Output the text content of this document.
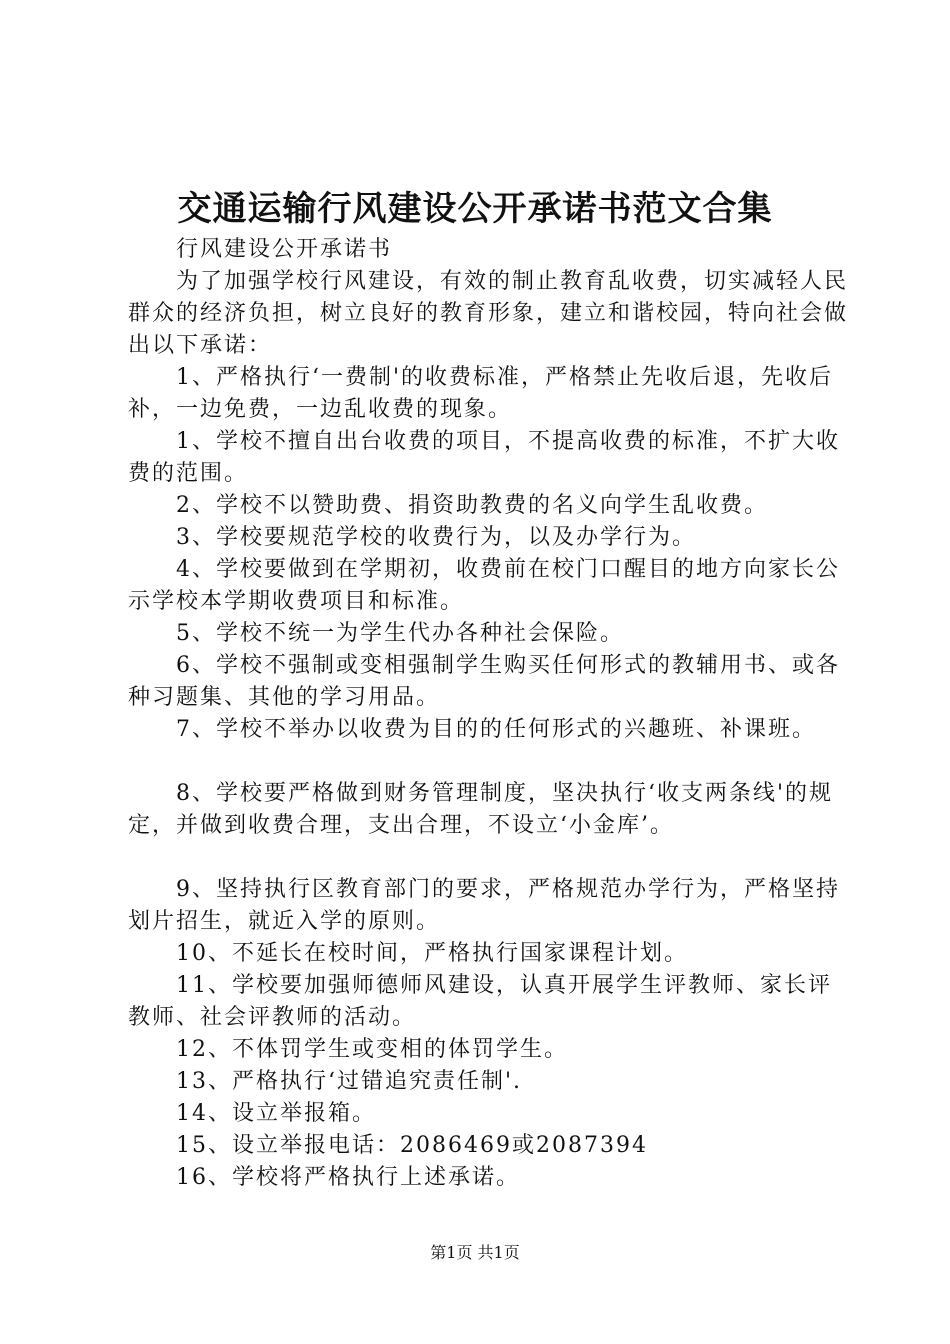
交通运输行风建设公开承诺书范文合集

　　行风建设公开承诺书

　　为了加强学校行风建设，有效的制止教育乱收费，切实减轻人民群众的经济负担，树立良好的教育形象，建立和谐校园，特向社会做出以下承诺：

　　1、严格执行‘一费制'的收费标准，严格禁止先收后退，先收后补，一边免费，一边乱收费的现象。

　　1、学校不擅自出台收费的项目，不提高收费的标准，不扩大收费的范围。

　　2、学校不以赞助费、捐资助教费的名义向学生乱收费。

　　3、学校要规范学校的收费行为，以及办学行为。

　　4、学校要做到在学期初，收费前在校门口醒目的地方向家长公示学校本学期收费项目和标准。

　　5、学校不统一为学生代办各种社会保险。

　　6、学校不强制或变相强制学生购买任何形式的教辅用书、或各种习题集、其他的学习用品。

　　7、学校不举办以收费为目的的任何形式的兴趣班、补课班。

　　8、学校要严格做到财务管理制度，坚决执行‘收支两条线'的规定，并做到收费合理，支出合理，不设立‘小金库’。

　　9、坚持执行区教育部门的要求，严格规范办学行为，严格坚持划片招生，就近入学的原则。

　　10、不延长在校时间，严格执行国家课程计划。

　　11、学校要加强师德师风建设，认真开展学生评教师、家长评教师、社会评教师的活动。

　　12、不体罚学生或变相的体罚学生。

　　13、严格执行‘过错追究责任制'.

　　14、设立举报箱。

　　15、设立举报电话：2086469或2087394

　　16、学校将严格执行上述承诺。

第1页 共1页
